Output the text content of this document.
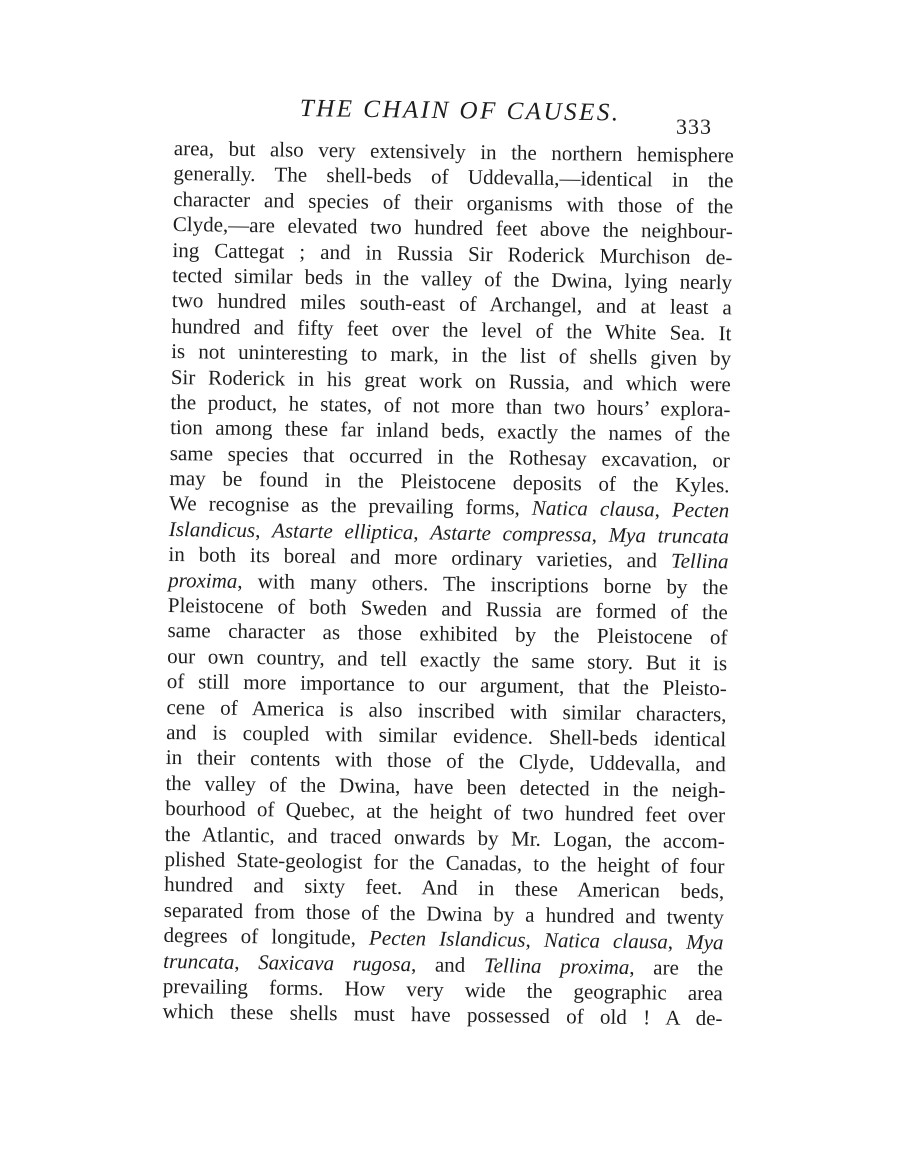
THE CHAIN OF CAUSES.
333
area, but also very extensively in the northern hemisphere
generally. The shell-beds of Uddevalla,—identical in the
character and species of their organisms with those of the
Clyde,—are elevated two hundred feet above the neighbour-
ing Cattegat ; and in Russia Sir Roderick Murchison de-
tected similar beds in the valley of the Dwina, lying nearly
two hundred miles south-east of Archangel, and at least a
hundred and fifty feet over the level of the White Sea. It
is not uninteresting to mark, in the list of shells given by
Sir Roderick in his great work on Russia, and which were
the product, he states, of not more than two hours’ explora-
tion among these far inland beds, exactly the names of the
same species that occurred in the Rothesay excavation, or
may be found in the Pleistocene deposits of the Kyles.
We recognise as the prevailing forms, Natica clausa, Pecten
Islandicus, Astarte elliptica, Astarte compressa, Mya truncata
in both its boreal and more ordinary varieties, and Tellina
proxima, with many others. The inscriptions borne by the
Pleistocene of both Sweden and Russia are formed of the
same character as those exhibited by the Pleistocene of
our own country, and tell exactly the same story. But it is
of still more importance to our argument, that the Pleisto-
cene of America is also inscribed with similar characters,
and is coupled with similar evidence. Shell-beds identical
in their contents with those of the Clyde, Uddevalla, and
the valley of the Dwina, have been detected in the neigh-
bourhood of Quebec, at the height of two hundred feet over
the Atlantic, and traced onwards by Mr. Logan, the accom-
plished State-geologist for the Canadas, to the height of four
hundred and sixty feet. And in these American beds,
separated from those of the Dwina by a hundred and twenty
degrees of longitude, Pecten Islandicus, Natica clausa, Mya
truncata, Saxicava rugosa, and Tellina proxima, are the
prevailing forms. How very wide the geographic area
which these shells must have possessed of old ! A de-
